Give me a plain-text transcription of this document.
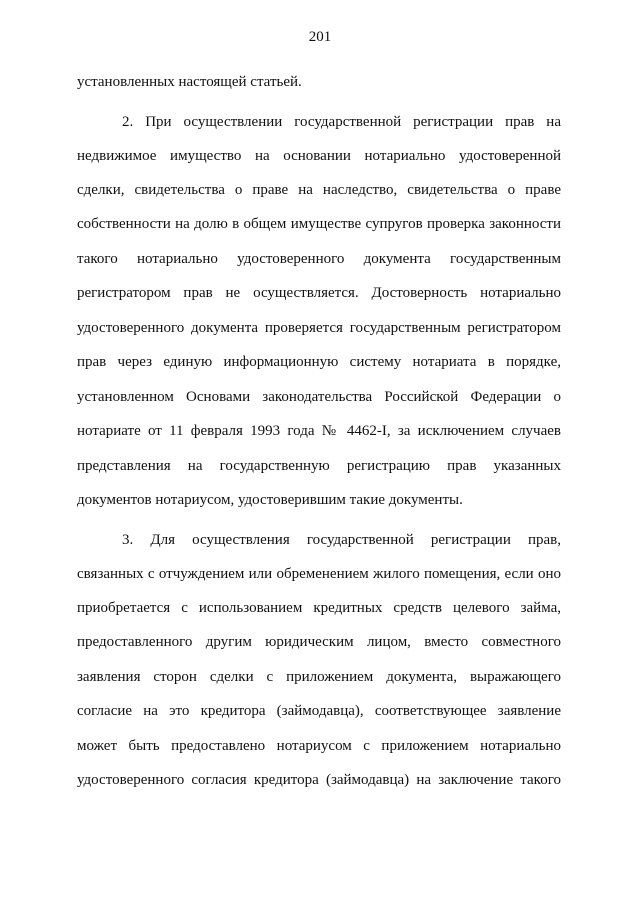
201
установленных настоящей статьей.
2. При осуществлении государственной регистрации прав на
недвижимое имущество на основании нотариально удостоверенной
сделки, свидетельства о праве на наследство, свидетельства о праве
собственности на долю в общем имуществе супругов проверка законности
такого нотариально удостоверенного документа государственным
регистратором прав не осуществляется. Достоверность нотариально
удостоверенного документа проверяется государственным регистратором
прав через единую информационную систему нотариата в порядке,
установленном Основами законодательства Российской Федерации о
нотариате от 11 февраля 1993 года № 4462-I, за исключением случаев
представления на государственную регистрацию прав указанных
документов нотариусом, удостоверившим такие документы.
3. Для осуществления государственной регистрации прав,
связанных с отчуждением или обременением жилого помещения, если оно
приобретается с использованием кредитных средств целевого займа,
предоставленного другим юридическим лицом, вместо совместного
заявления сторон сделки с приложением документа, выражающего
согласие на это кредитора (займодавца), соответствующее заявление
может быть предоставлено нотариусом с приложением нотариально
удостоверенного согласия кредитора (займодавца) на заключение такого
